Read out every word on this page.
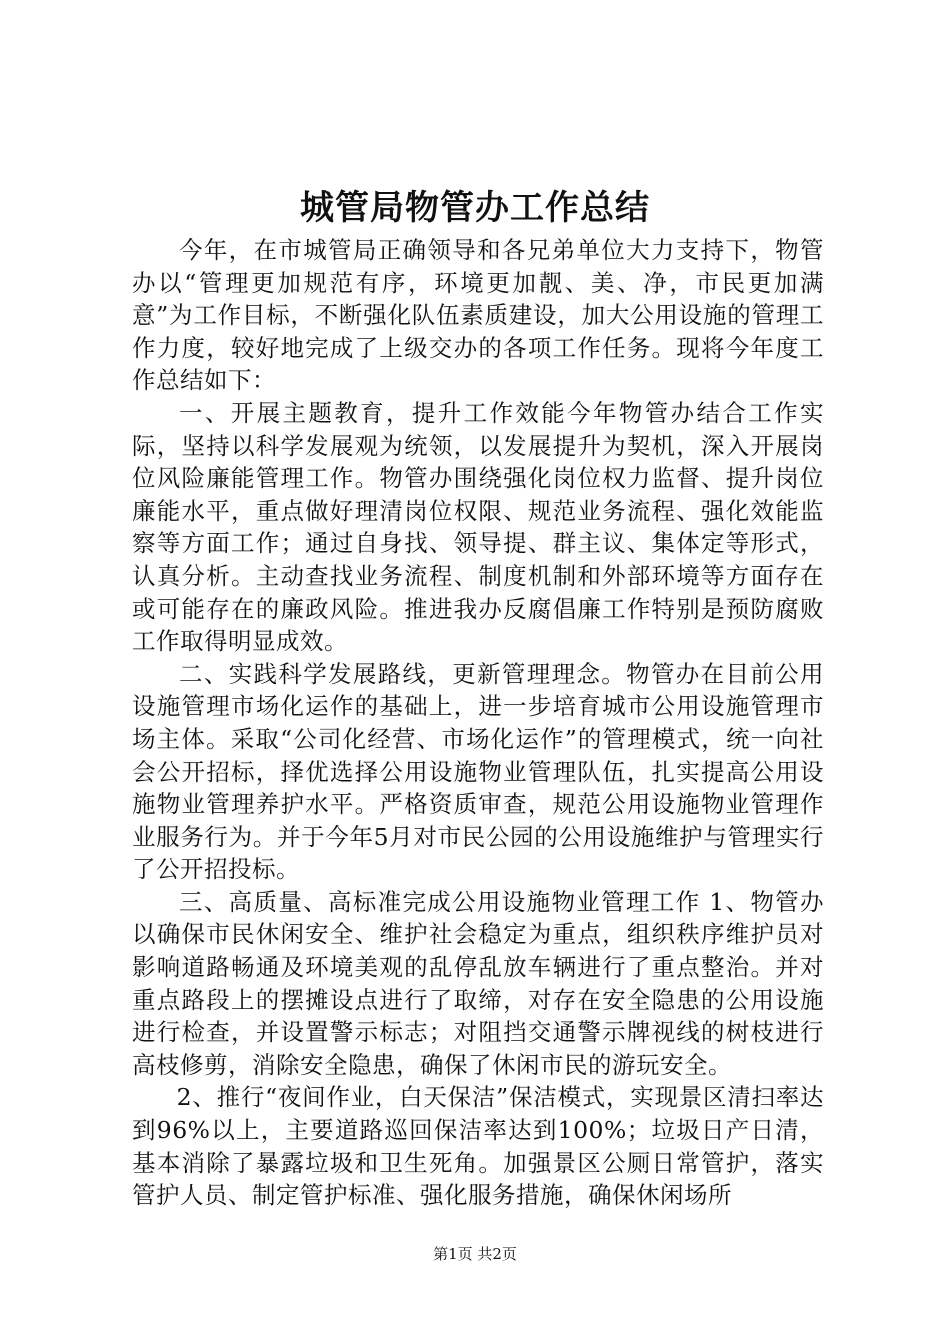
城管局物管办工作总结

今年，在市城管局正确领导和各兄弟单位大力支持下，物管办以“管理更加规范有序，环境更加靓、美、净，市民更加满意”为工作目标，不断强化队伍素质建设，加大公用设施的管理工作力度，较好地完成了上级交办的各项工作任务。现将今年度工作总结如下：

一、开展主题教育，提升工作效能今年物管办结合工作实际，坚持以科学发展观为统领，以发展提升为契机，深入开展岗位风险廉能管理工作。物管办围绕强化岗位权力监督、提升岗位廉能水平，重点做好理清岗位权限、规范业务流程、强化效能监察等方面工作；通过自身找、领导提、群主议、集体定等形式，认真分析。主动查找业务流程、制度机制和外部环境等方面存在或可能存在的廉政风险。推进我办反腐倡廉工作特别是预防腐败工作取得明显成效。

二、实践科学发展路线，更新管理理念。物管办在目前公用设施管理市场化运作的基础上，进一步培育城市公用设施管理市场主体。采取“公司化经营、市场化运作”的管理模式，统一向社会公开招标，择优选择公用设施物业管理队伍，扎实提高公用设施物业管理养护水平。严格资质审查，规范公用设施物业管理作业服务行为。并于今年5月对市民公园的公用设施维护与管理实行了公开招投标。

三、高质量、高标准完成公用设施物业管理工作 1、物管办以确保市民休闲安全、维护社会稳定为重点，组织秩序维护员对影响道路畅通及环境美观的乱停乱放车辆进行了重点整治。并对重点路段上的摆摊设点进行了取缔，对存在安全隐患的公用设施进行检查，并设置警示标志；对阻挡交通警示牌视线的树枝进行高枝修剪，消除安全隐患，确保了休闲市民的游玩安全。

2、推行“夜间作业，白天保洁”保洁模式，实现景区清扫率达到96%以上，主要道路巡回保洁率达到100%；垃圾日产日清，基本消除了暴露垃圾和卫生死角。加强景区公厕日常管护，落实管护人员、制定管护标准、强化服务措施，确保休闲场所

第1页 共2页
